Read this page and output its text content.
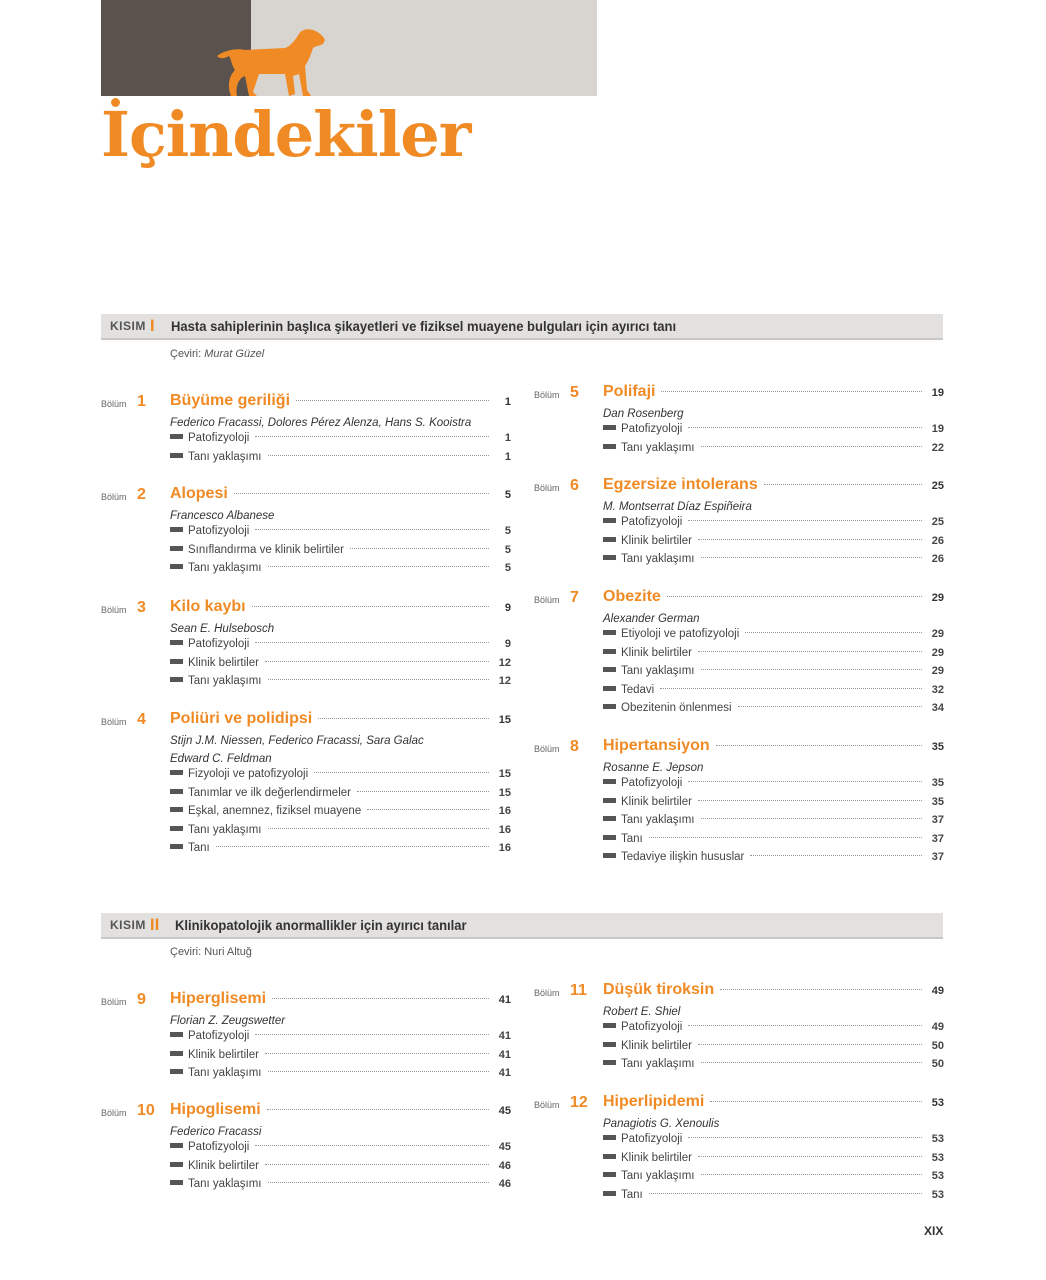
İçindekiler
KISIM I Hasta sahiplerinin başlıca şikayetleri ve fiziksel muayene bulguları için ayırıcı tanı
Çeviri: Murat Güzel
Bölüm 1 Büyüme geriliği	1
Federico Fracassi, Dolores Pérez Alenza, Hans S. Kooistra
Patofizyoloji	1
Tanı yaklaşımı	1
Bölüm 2 Alopesi	5
Francesco Albanese
Patofizyoloji	5
Sınıflandırma ve klinik belirtiler	5
Tanı yaklaşımı	5
Bölüm 3 Kilo kaybı	9
Sean E. Hulsebosch
Patofizyoloji	9
Klinik belirtiler	12
Tanı yaklaşımı	12
Bölüm 4 Poliüri ve polidipsi	15
Stijn J.M. Niessen, Federico Fracassi, Sara Galac
Edward C. Feldman
Fizyoloji ve patofizyoloji	15
Tanımlar ve ilk değerlendirmeler	15
Eşkal, anemnez, fiziksel muayene	16
Tanı yaklaşımı	16
Tanı	16
Bölüm 5 Polifaji	19
Dan Rosenberg
Patofizyoloji	19
Tanı yaklaşımı	22
Bölüm 6 Egzersize intolerans	25
M. Montserrat Díaz Espiñeira
Patofizyoloji	25
Klinik belirtiler	26
Tanı yaklaşımı	26
Bölüm 7 Obezite	29
Alexander German
Etiyoloji ve patofizyoloji	29
Klinik belirtiler	29
Tanı yaklaşımı	29
Tedavi	32
Obezitenin önlenmesi	34
Bölüm 8 Hipertansiyon	35
Rosanne E. Jepson
Patofizyoloji	35
Klinik belirtiler	35
Tanı yaklaşımı	37
Tanı	37
Tedaviye ilişkin hususlar	37
Bölüm 9 Hiperglisemi	41
Florian Z. Zeugswetter
Patofizyoloji	41
Klinik belirtiler	41
Tanı yaklaşımı	41
Bölüm 10 Hipoglisemi	45
Federico Fracassi
Patofizyoloji	45
Klinik belirtiler	46
Tanı yaklaşımı	46
Bölüm 11 Düşük tiroksin	49
Robert E. Shiel
Patofizyoloji	49
Klinik belirtiler	50
Tanı yaklaşımı	50
Bölüm 12 Hiperlipidemi	53
Panagiotis G. Xenoulis
Patofizyoloji	53
Klinik belirtiler	53
Tanı yaklaşımı	53
Tanı	53
KISIM II Klinikopatolojik anormallikler için ayırıcı tanılar
Çeviri: Nuri Altuğ
XIX
